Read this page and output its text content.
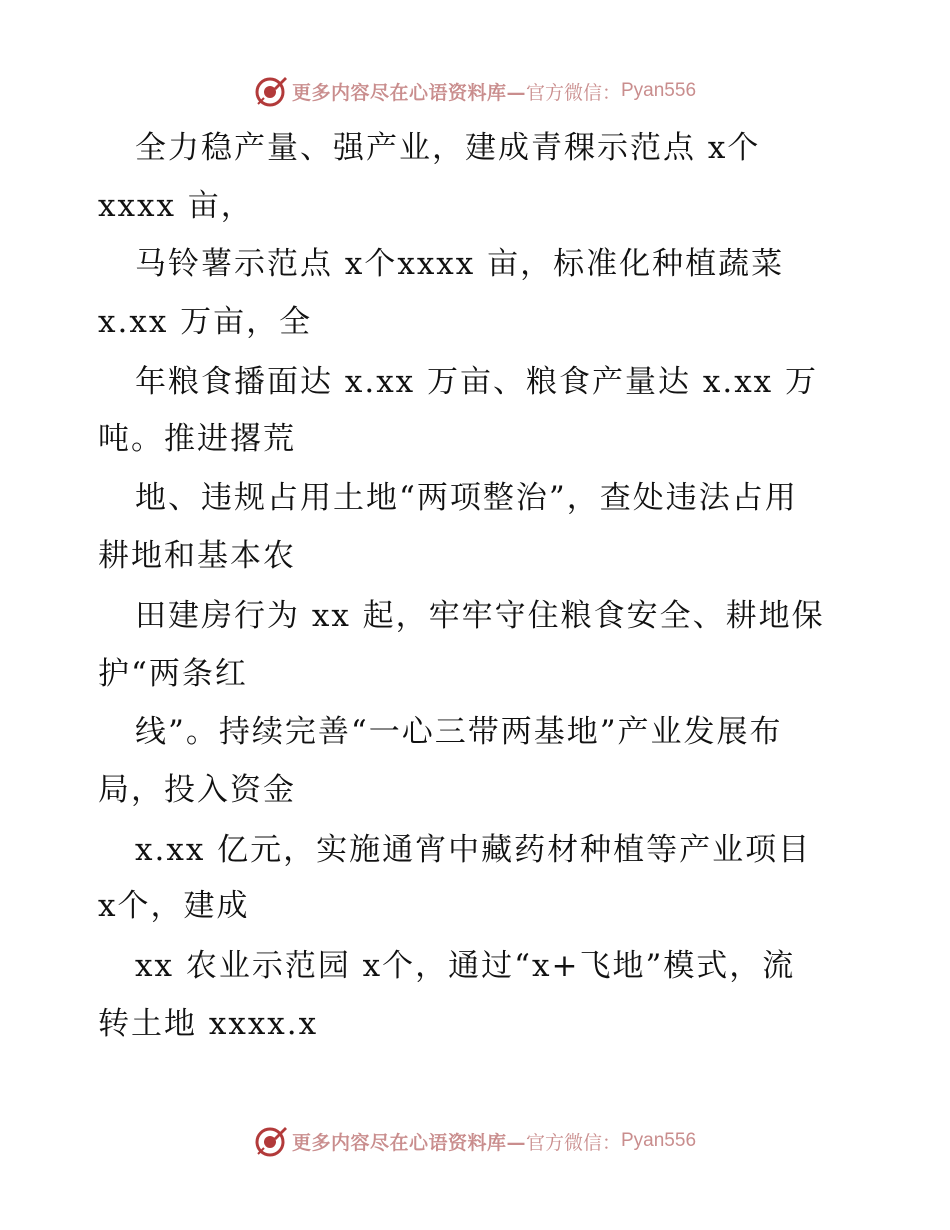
更多内容尽在心语资料库— 官方微信： Pyan556
全力稳产量、强产业，建成青稞示范点 x个
xxxx 亩，
马铃薯示范点 x个xxxx 亩，标准化种植蔬菜
x.xx 万亩，全
年粮食播面达 x.xx 万亩、粮食产量达 x.xx 万
吨。推进撂荒
地、违规占用土地“两项整治”，查处违法占用
耕地和基本农
田建房行为 xx 起，牢牢守住粮食安全、耕地保
护“两条红
线”。持续完善“一心三带两基地”产业发展布
局，投入资金
x.xx 亿元，实施通宵中藏药材种植等产业项目
x个，建成
xx 农业示范园 x个，通过“x+飞地”模式，流
转土地 xxxx.x
更多内容尽在心语资料库— 官方微信： Pyan556
